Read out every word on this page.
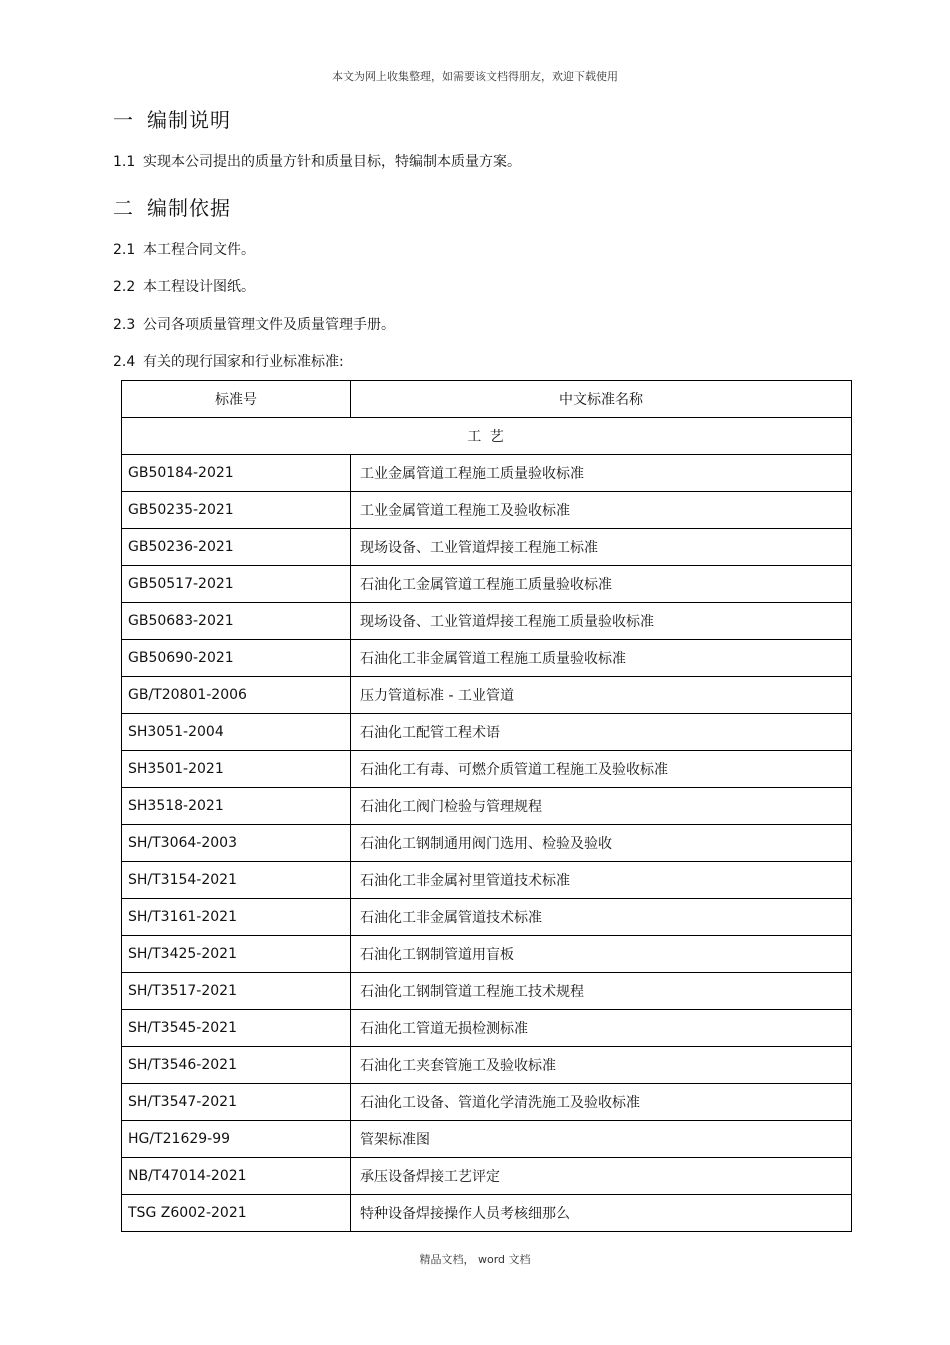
本文为网上收集整理，如需要该文档得朋友，欢迎下载使用
一 编制说明
1.1 实现本公司提出的质量方针和质量目标，特编制本质量方案。
二 编制依据
2.1 本工程合同文件。
2.2 本工程设计图纸。
2.3 公司各项质量管理文件及质量管理手册。
2.4 有关的现行国家和行业标准标准:
标准号	中文标准名称
工 艺	
GB50184-2021	工业金属管道工程施工质量验收标准
GB50235-2021	工业金属管道工程施工及验收标准
GB50236-2021	现场设备、工业管道焊接工程施工标准
GB50517-2021	石油化工金属管道工程施工质量验收标准
GB50683-2021	现场设备、工业管道焊接工程施工质量验收标准
GB50690-2021	石油化工非金属管道工程施工质量验收标准
GB/T20801-2006	压力管道标准 - 工业管道
SH3051-2004	石油化工配管工程术语
SH3501-2021	石油化工有毒、可燃介质管道工程施工及验收标准
SH3518-2021	石油化工阀门检验与管理规程
SH/T3064-2003	石油化工钢制通用阀门选用、检验及验收
SH/T3154-2021	石油化工非金属衬里管道技术标准
SH/T3161-2021	石油化工非金属管道技术标准
SH/T3425-2021	石油化工钢制管道用盲板
SH/T3517-2021	石油化工钢制管道工程施工技术规程
SH/T3545-2021	石油化工管道无损检测标准
SH/T3546-2021	石油化工夹套管施工及验收标准
SH/T3547-2021	石油化工设备、管道化学清洗施工及验收标准
HG/T21629-99	管架标准图
NB/T47014-2021	承压设备焊接工艺评定
TSG Z6002-2021	特种设备焊接操作人员考核细那么
精品文档， word 文档
